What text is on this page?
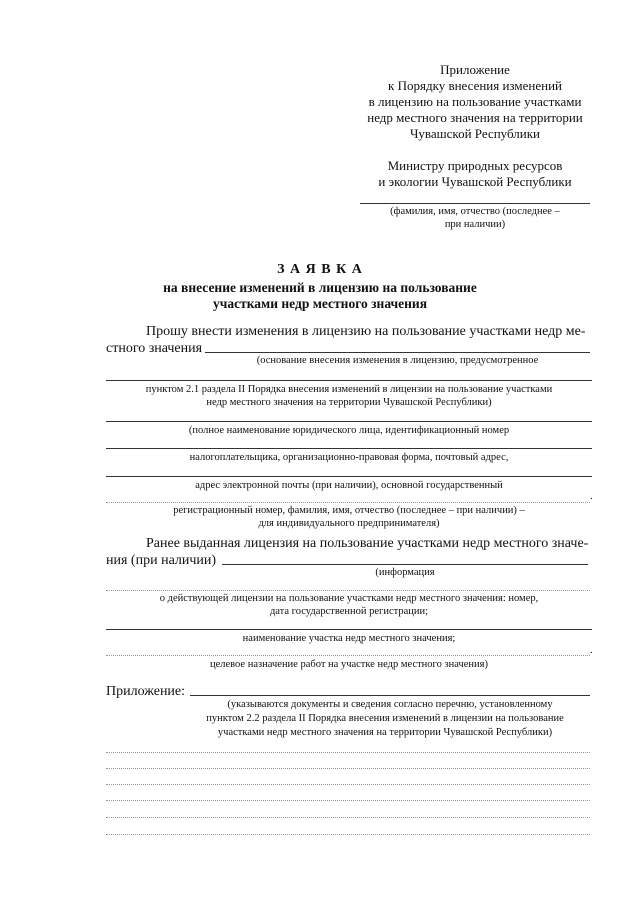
Приложение
к Порядку внесения изменений
в лицензию на пользование участками
недр местного значения на территории
Чувашской Республики
Министру природных ресурсов
и экологии Чувашской Республики
(фамилия, имя, отчество (последнее –
при наличии)
З А Я В К А
на внесение изменений в лицензию на пользование
участками недр местного значения
Прошу внести изменения в лицензию на пользование участками недр ме-
стного значения
(основание внесения изменения в лицензию, предусмотренное
пунктом 2.1 раздела II Порядка внесения изменений в лицензии на пользование участками
недр местного значения на территории Чувашской Республики)
(полное наименование юридического лица, идентификационный номер
налогоплательщика, организационно-правовая форма, почтовый адрес,
адрес электронной почты (при наличии), основной государственный
.
регистрационный номер, фамилия, имя, отчество (последнее – при наличии) –
для индивидуального предпринимателя)
Ранее выданная лицензия на пользование участками недр местного значе-
ния (при наличии)
(информация
о действующей лицензии на пользование участками недр местного значения: номер,
дата государственной регистрации;
наименование участка недр местного значения;
.
целевое назначение работ на участке недр местного значения)
Приложение:
(указываются документы и сведения согласно перечню, установленному
пунктом 2.2 раздела II Порядка внесения изменений в лицензии на пользование
участками недр местного значения на территории Чувашской Республики)
